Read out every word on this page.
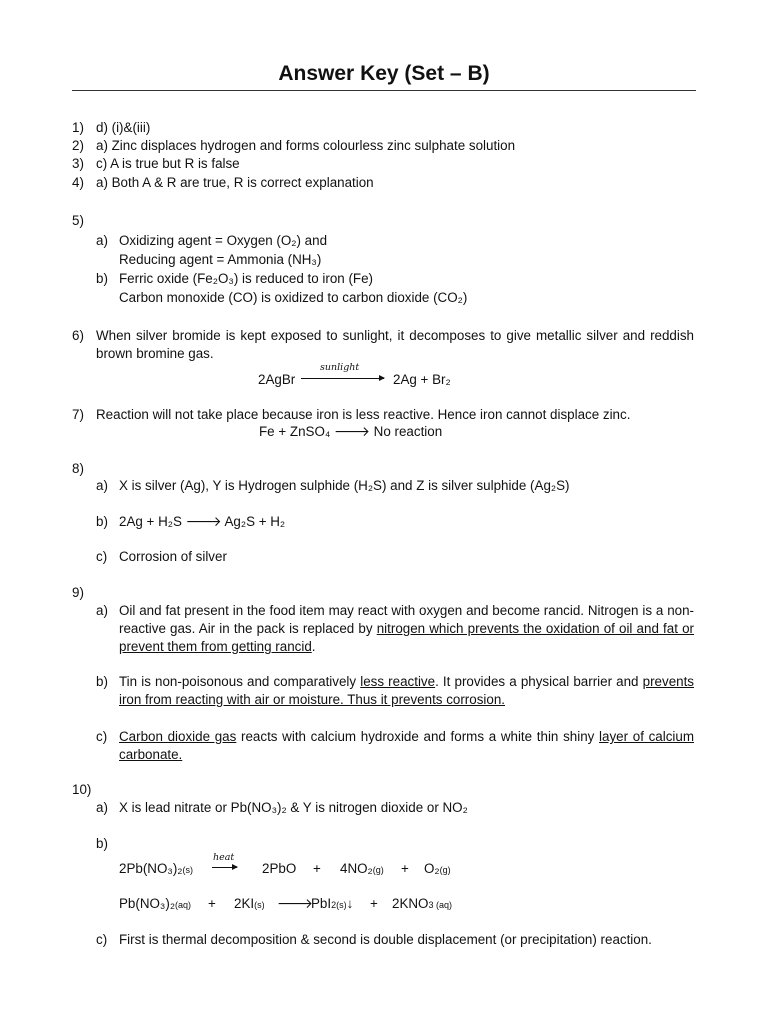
Answer Key (Set – B)
1) d) (i)&(iii)
2) a) Zinc displaces hydrogen and forms colourless zinc sulphate solution
3) c) A is true but R is false
4) a) Both A & R are true, R is correct explanation
5)
a) Oxidizing agent = Oxygen (O₂) and
Reducing agent = Ammonia (NH₃)
b) Ferric oxide (Fe₂O₃) is reduced to iron (Fe)
Carbon monoxide (CO) is oxidized to carbon dioxide (CO₂)
6) When silver bromide is kept exposed to sunlight, it decomposes to give metallic silver and reddish brown bromine gas.
2AgBr
sunlight
2Ag + Br₂
7) Reaction will not take place because iron is less reactive. Hence iron cannot displace zinc.
Fe + ZnSO₄ 🡒 No reaction
8)
a) X is silver (Ag), Y is Hydrogen sulphide (H₂S) and Z is silver sulphide (Ag₂S)
b) 2Ag + H₂S 🡒 Ag₂S + H₂
c) Corrosion of silver
9)
a) Oil and fat present in the food item may react with oxygen and become rancid. Nitrogen is a non-reactive gas. Air in the pack is replaced by nitrogen which prevents the oxidation of oil and fat or prevent them from getting rancid.
b) Tin is non-poisonous and comparatively less reactive. It provides a physical barrier and prevents iron from reacting with air or moisture. Thus it prevents corrosion.
c) Carbon dioxide gas reacts with calcium hydroxide and forms a white thin shiny layer of calcium carbonate.
10)
a) X is lead nitrate or Pb(NO₃)₂ & Y is nitrogen dioxide or NO₂
b)
2Pb(NO₃)₂(s)
heat
2PbO + 4NO₂(g) + O₂(g)
Pb(NO₃)₂(aq) + 2KI(s) 🡒
PbI2(s)↓ + 2KNO3 (aq)
c) First is thermal decomposition & second is double displacement (or precipitation) reaction.
